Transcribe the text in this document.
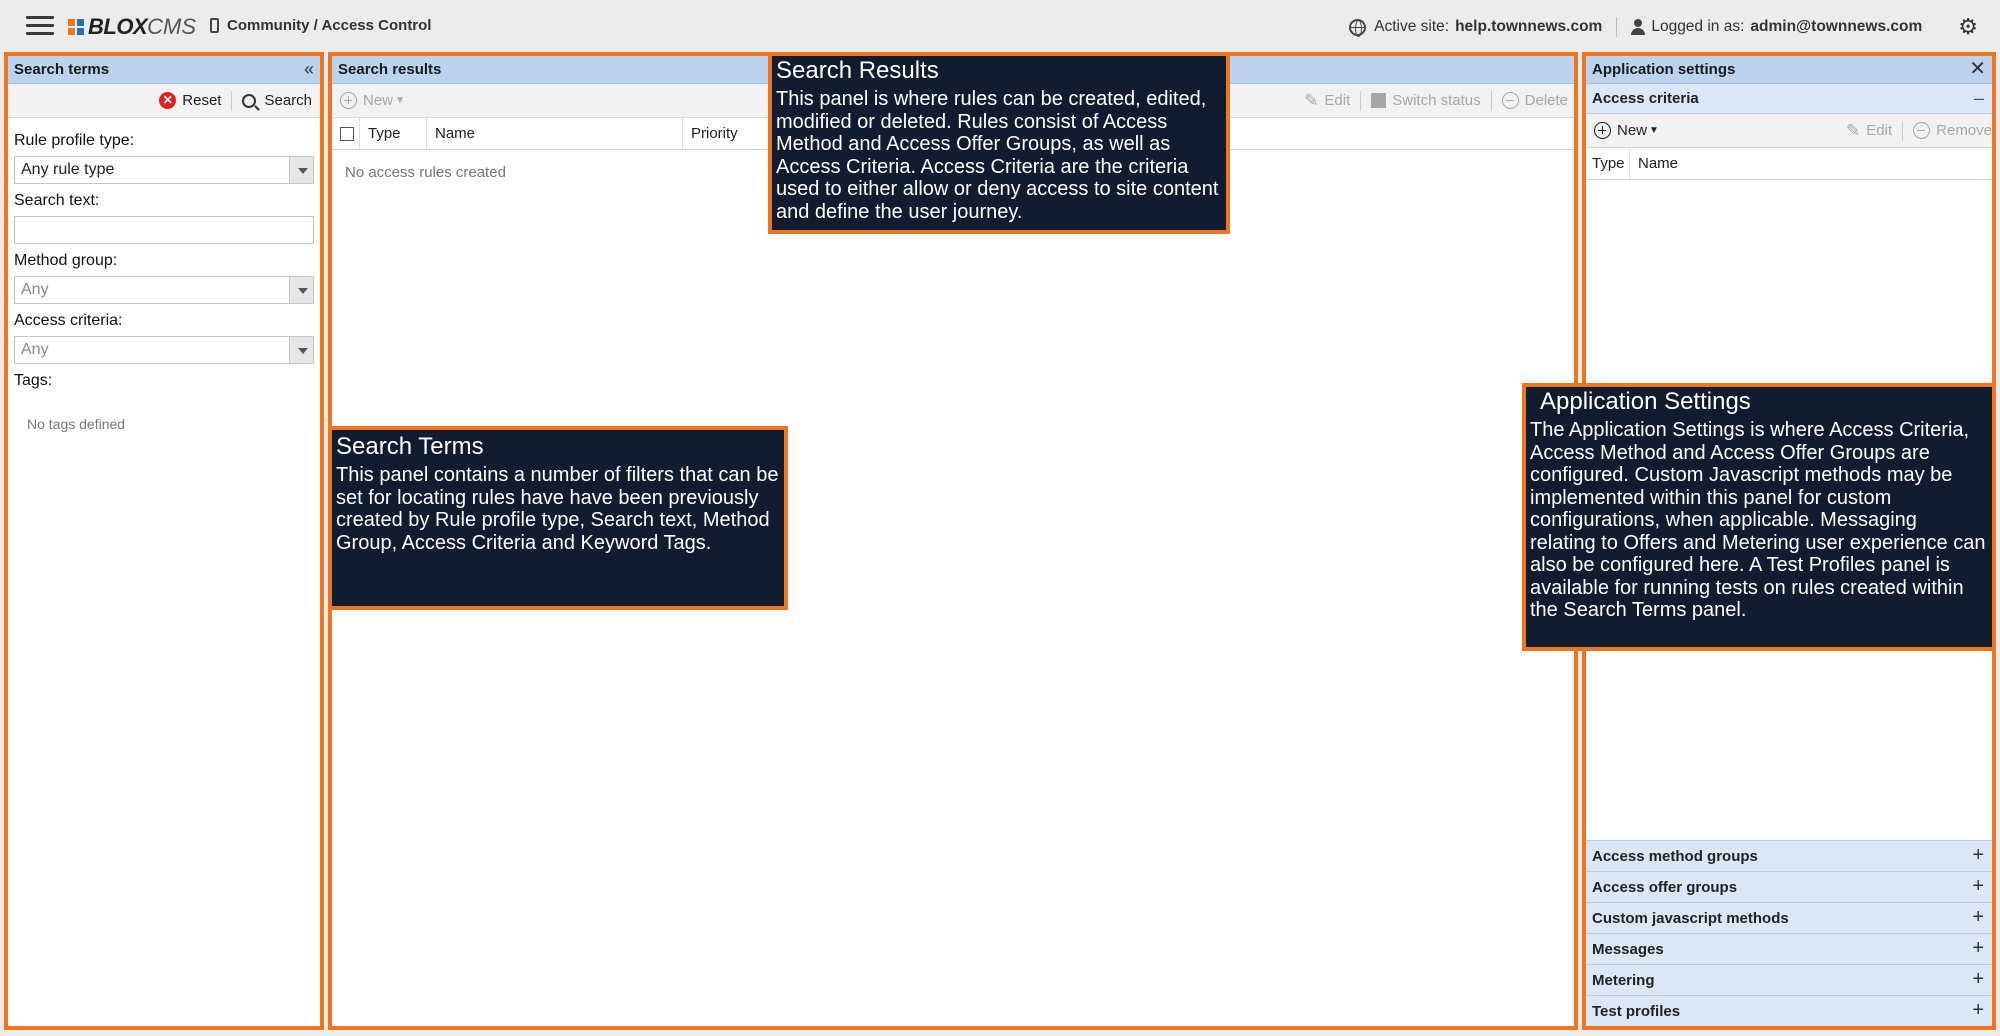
BLOX CMS Community / Access Control	Active site: help.townnews.com	Logged in as: admin@townnews.com ⚙
Search terms	«
✕ Reset	Search
Rule profile type:
Any rule type
Search text:
Method group:
Any
Access criteria:
Any
Tags:
No tags defined
Search results
New ▼	✎ Edit	Switch status	Delete
Type	Name	Priority
No access rules created
Application settings	✕
Access criteria	–
New ▼	✎ Edit	Remove
Type Name
Access method groups	+
Access offer groups	+
Custom javascript methods	+
Messages	+
Metering	+
Test profiles	+
Search Results

This panel is where rules can be created, edited, modified or deleted. Rules consist of Access Method and Access Offer Groups, as well as Access Criteria. Access Criteria are the criteria used to either allow or deny access to site content and define the user journey.

Search Terms

This panel contains a number of filters that can be set for locating rules have have been previously created by Rule profile type, Search text, Method Group, Access Criteria and Keyword Tags.

Application Settings

The Application Settings is where Access Criteria, Access Method and Access Offer Groups are configured. Custom Javascript methods may be implemented within this panel for custom configurations, when applicable. Messaging relating to Offers and Metering user experience can also be configured here. A Test Profiles panel is available for running tests on rules created within the Search Terms panel.
